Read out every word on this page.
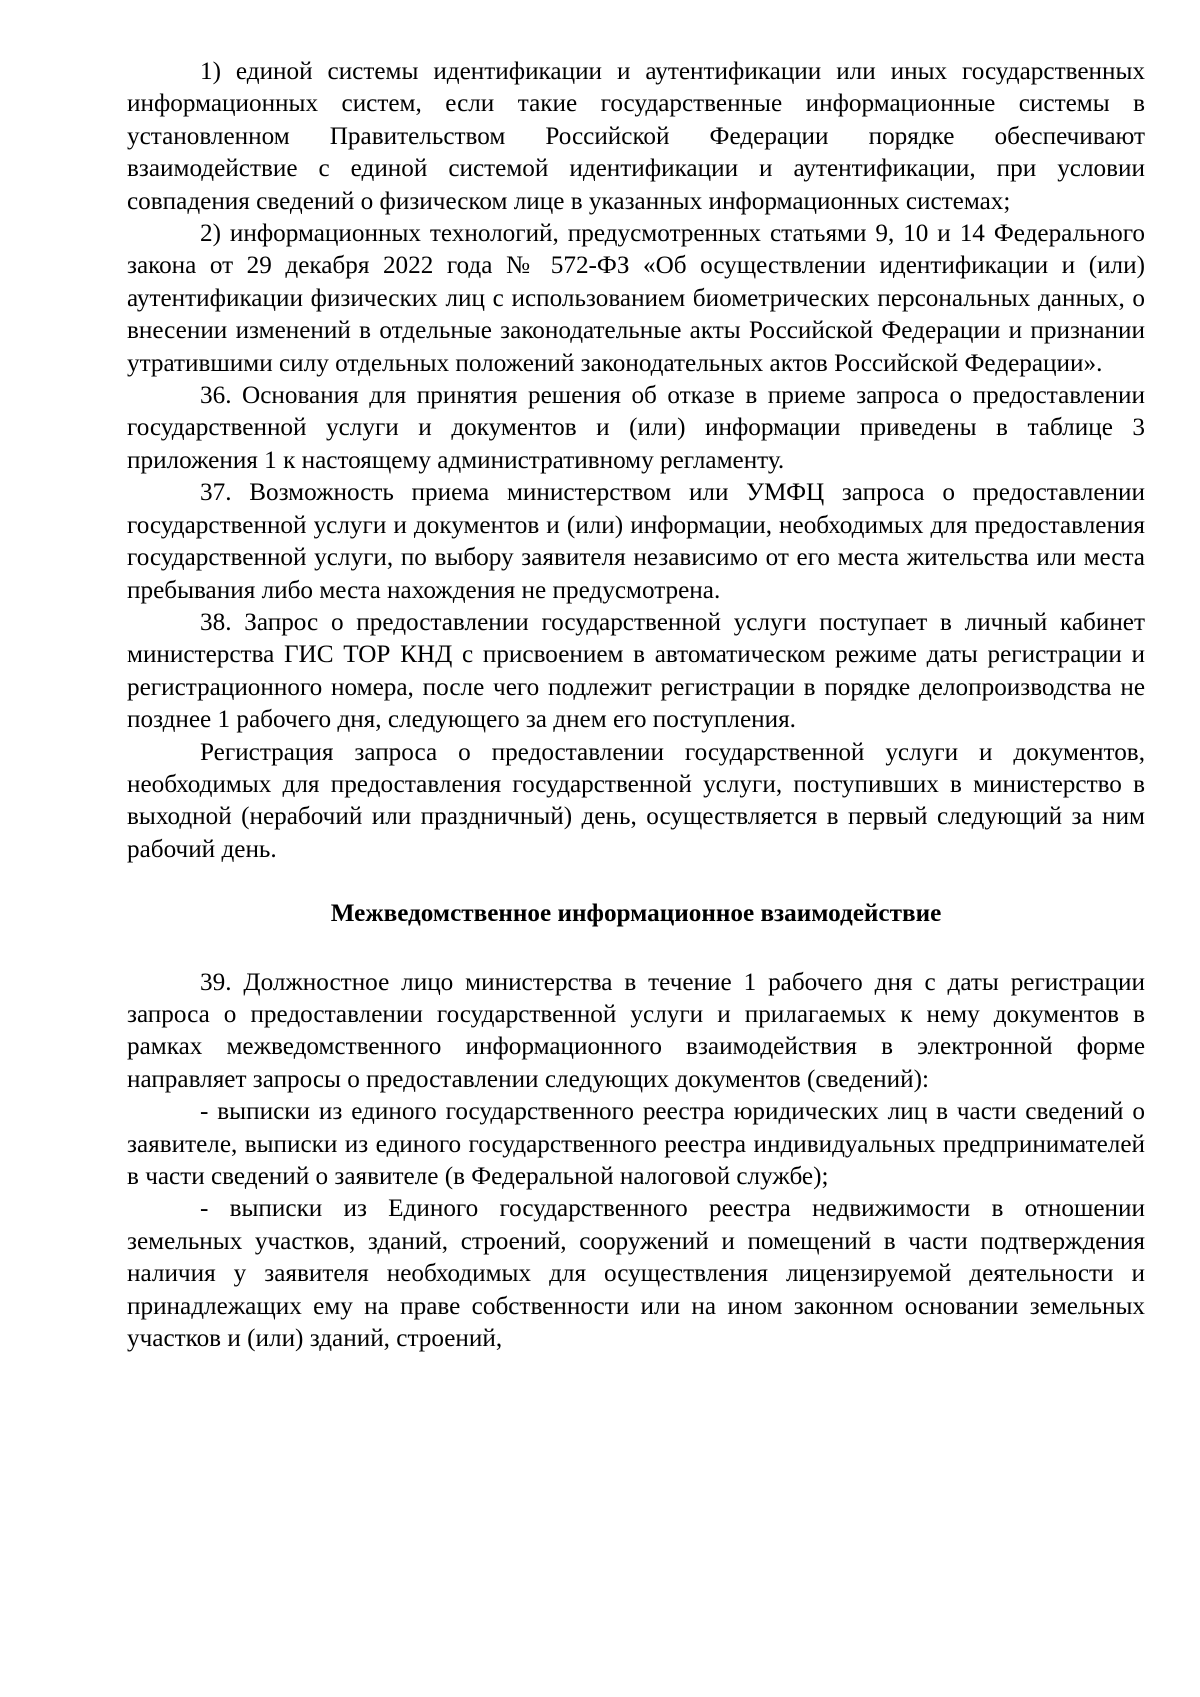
1) единой системы идентификации и аутентификации или иных государственных информационных систем, если такие государственные информационные системы в установленном Правительством Российской Федерации порядке обеспечивают взаимодействие с единой системой идентификации и аутентификации, при условии совпадения сведений о физическом лице в указанных информационных системах;

2) информационных технологий, предусмотренных статьями 9, 10 и 14 Федерального закона от 29 декабря 2022 года № 572-ФЗ «Об осуществлении идентификации и (или) аутентификации физических лиц с использованием биометрических персональных данных, о внесении изменений в отдельные законодательные акты Российской Федерации и признании утратившими силу отдельных положений законодательных актов Российской Федерации».

36. Основания для принятия решения об отказе в приеме запроса о предоставлении государственной услуги и документов и (или) информации приведены в таблице 3 приложения 1 к настоящему административному регламенту.

37. Возможность приема министерством или УМФЦ запроса о предоставлении государственной услуги и документов и (или) информации, необходимых для предоставления государственной услуги, по выбору заявителя независимо от его места жительства или места пребывания либо места нахождения не предусмотрена.

38. Запрос о предоставлении государственной услуги поступает в личный кабинет министерства ГИС ТОР КНД с присвоением в автоматическом режиме даты регистрации и регистрационного номера, после чего подлежит регистрации в порядке делопроизводства не позднее 1 рабочего дня, следующего за днем его поступления.

Регистрация запроса о предоставлении государственной услуги и документов, необходимых для предоставления государственной услуги, поступивших в министерство в выходной (нерабочий или праздничный) день, осуществляется в первый следующий за ним рабочий день.

Межведомственное информационное взаимодействие

39. Должностное лицо министерства в течение 1 рабочего дня с даты регистрации запроса о предоставлении государственной услуги и прилагаемых к нему документов в рамках межведомственного информационного взаимодействия в электронной форме направляет запросы о предоставлении следующих документов (сведений):

- выписки из единого государственного реестра юридических лиц в части сведений о заявителе, выписки из единого государственного реестра индивидуальных предпринимателей в части сведений о заявителе (в Федеральной налоговой службе);

- выписки из Единого государственного реестра недвижимости в отношении земельных участков, зданий, строений, сооружений и помещений в части подтверждения наличия у заявителя необходимых для осуществления лицензируемой деятельности и принадлежащих ему на праве собственности или на ином законном основании земельных участков и (или) зданий, строений,
